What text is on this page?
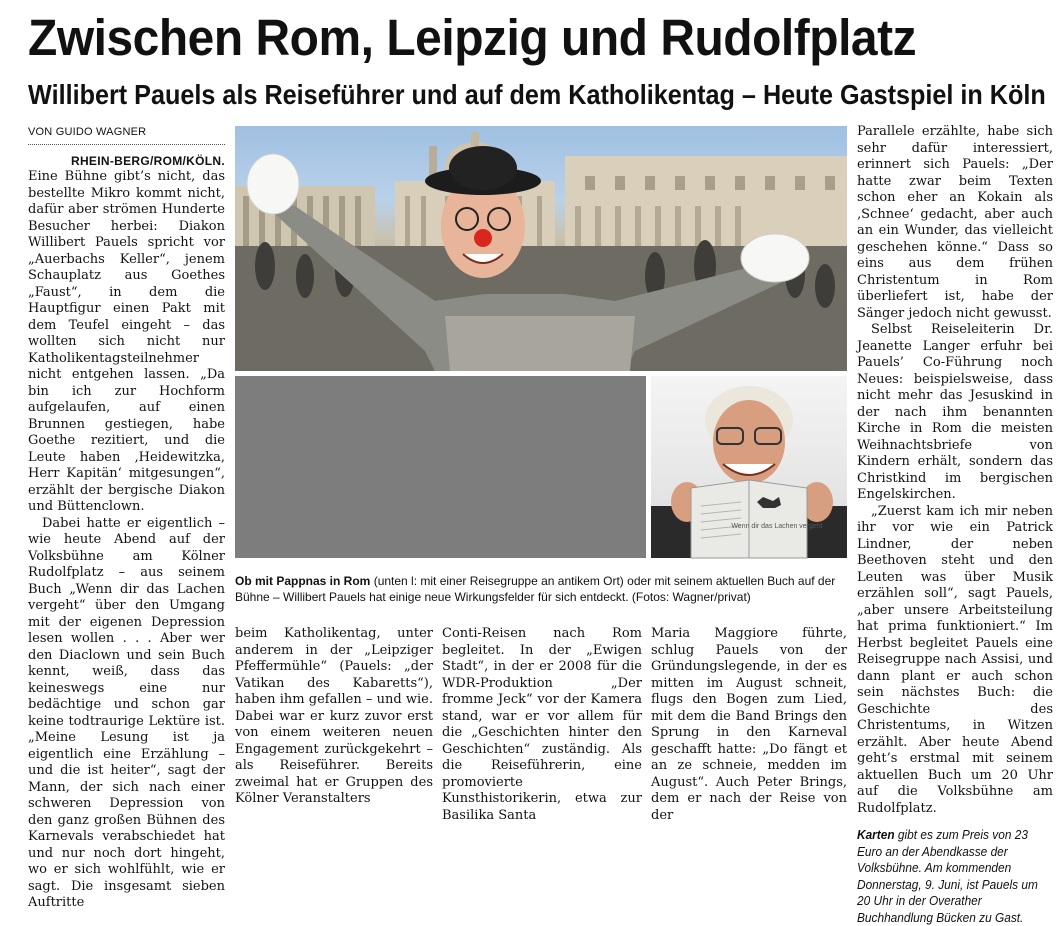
Zwischen Rom, Leipzig und Rudolfplatz
Willibert Pauels als Reiseführer und auf dem Katholikentag – Heute Gastspiel in Köln
VON GUIDO WAGNER
RHEIN-BERG/ROM/KÖLN.

Eine Bühne gibt’s nicht, das bestellte Mikro kommt nicht, dafür aber strömen Hunderte Besucher herbei: Diakon Willibert Pauels spricht vor „Auerbachs Keller“, jenem Schauplatz aus Goethes „Faust“, in dem die Hauptfigur einen Pakt mit dem Teufel eingeht – das wollten sich nicht nur Katholikentagsteilnehmer nicht entgehen lassen. „Da bin ich zur Hochform aufgelaufen, auf einen Brunnen gestiegen, habe Goethe rezitiert, und die Leute haben ‚Heidewitzka, Herr Kapitän‘ mitgesungen“, erzählt der bergische Diakon und Büttenclown.

Dabei hatte er eigentlich – wie heute Abend auf der Volksbühne am Kölner Rudolfplatz – aus seinem Buch „Wenn dir das Lachen vergeht“ über den Umgang mit der eigenen Depression lesen wollen . . . Aber wer den Diaclown und sein Buch kennt, weiß, dass das keineswegs eine nur bedächtige und schon gar keine todtraurige Lektüre ist. „Meine Lesung ist ja eigentlich eine Erzählung – und die ist heiter“, sagt der Mann, der sich nach einer schweren Depression von den ganz großen Bühnen des Karnevals verabschiedet hat und nur noch dort hingeht, wo er sich wohlfühlt, wie er sagt. Die insgesamt sieben Auftritte

Wenn dir das Lachen vergeht
Ob mit Pappnas in Rom (unten l: mit einer Reisegruppe an antikem Ort) oder mit seinem aktuellen Buch auf der Bühne – Willibert Pauels hat einige neue Wirkungsfelder für sich entdeckt. (Fotos: Wagner/privat)

beim Katholikentag, unter anderem in der „Leipziger Pfeffermühle“ (Pauels: „der Vatikan des Kabaretts“), haben ihm gefallen – und wie. Dabei war er kurz zuvor erst von einem weiteren neuen Engagement zurückgekehrt – als Reiseführer. Bereits zweimal hat er Gruppen des Kölner Veranstalters

Conti-Reisen nach Rom begleitet. In der „Ewigen Stadt“, in der er 2008 für die WDR-Produktion „Der fromme Jeck“ vor der Kamera stand, war er vor allem für die „Geschichten hinter den Geschichten“ zuständig. Als die Reiseführerin, eine promovierte Kunsthistorikerin, etwa zur Basilika Santa

Maria Maggiore führte, schlug Pauels von der Gründungslegende, in der es mitten im August schneit, flugs den Bogen zum Lied, mit dem die Band Brings den Sprung in den Karneval geschafft hatte: „Do fängt et an ze schneie, medden im August“. Auch Peter Brings, dem er nach der Reise von der

Parallele erzählte, habe sich sehr dafür interessiert, erinnert sich Pauels: „Der hatte zwar beim Texten schon eher an Kokain als ‚Schnee‘ gedacht, aber auch an ein Wunder, das vielleicht geschehen könne.“ Dass so eins aus dem frühen Christentum in Rom überliefert ist, habe der Sänger jedoch nicht gewusst.

Selbst Reiseleiterin Dr. Jeanette Langer erfuhr bei Pauels’ Co-Führung noch Neues: beispielsweise, dass nicht mehr das Jesuskind in der nach ihm benannten Kirche in Rom die meisten Weihnachtsbriefe von Kindern erhält, sondern das Christkind im bergischen Engelskirchen.

„Zuerst kam ich mir neben ihr vor wie ein Patrick Lindner, der neben Beethoven steht und den Leuten was über Musik erzählen soll“, sagt Pauels, „aber unsere Arbeitsteilung hat prima funktioniert.“ Im Herbst begleitet Pauels eine Reisegruppe nach Assisi, und dann plant er auch schon sein nächstes Buch: die Geschichte des Christentums, in Witzen erzählt. Aber heute Abend geht’s erstmal mit seinem aktuellen Buch um 20 Uhr auf die Volksbühne am Rudolfplatz.

Karten gibt es zum Preis von 23 Euro an der Abendkasse der Volksbühne. Am kommenden Donnerstag, 9. Juni, ist Pauels um 20 Uhr in der Overather Buchhandlung Bücken zu Gast.
